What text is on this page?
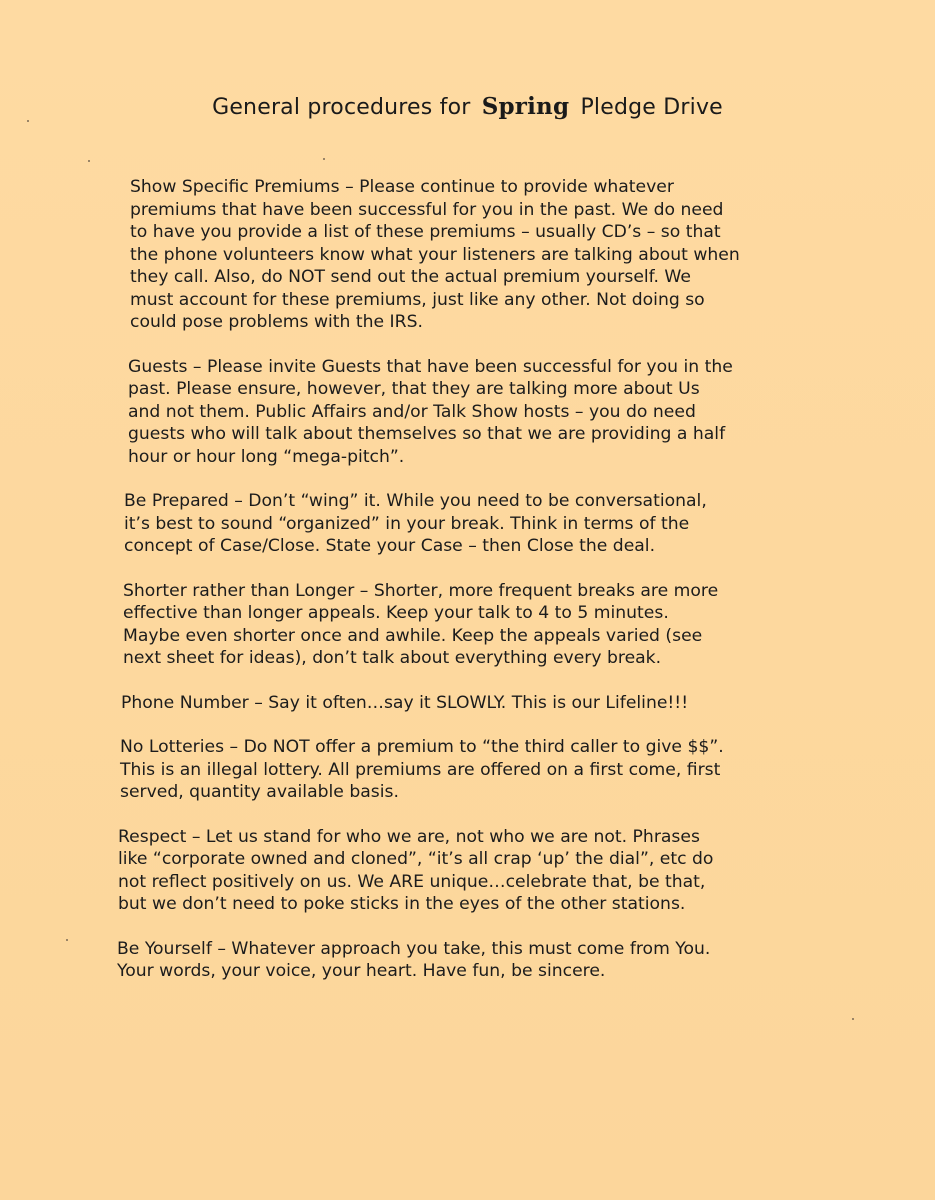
General procedures for Spring Pledge Drive
Show Specific Premiums – Please continue to provide whatever
premiums that have been successful for you in the past. We do need
to have you provide a list of these premiums – usually CD’s – so that
the phone volunteers know what your listeners are talking about when
they call. Also, do NOT send out the actual premium yourself. We
must account for these premiums, just like any other. Not doing so
could pose problems with the IRS.
Guests – Please invite Guests that have been successful for you in the
past. Please ensure, however, that they are talking more about Us
and not them. Public Affairs and/or Talk Show hosts – you do need
guests who will talk about themselves so that we are providing a half
hour or hour long “mega-pitch”.
Be Prepared – Don’t “wing” it. While you need to be conversational,
it’s best to sound “organized” in your break. Think in terms of the
concept of Case/Close. State your Case – then Close the deal.
Shorter rather than Longer – Shorter, more frequent breaks are more
effective than longer appeals. Keep your talk to 4 to 5 minutes.
Maybe even shorter once and awhile. Keep the appeals varied (see
next sheet for ideas), don’t talk about everything every break.
Phone Number – Say it often…say it SLOWLY. This is our Lifeline!!!
No Lotteries – Do NOT offer a premium to “the third caller to give $$”.
This is an illegal lottery. All premiums are offered on a first come, first
served, quantity available basis.
Respect – Let us stand for who we are, not who we are not. Phrases
like “corporate owned and cloned”, “it’s all crap ‘up’ the dial”, etc do
not reflect positively on us. We ARE unique…celebrate that, be that,
but we don’t need to poke sticks in the eyes of the other stations.
Be Yourself – Whatever approach you take, this must come from You.
Your words, your voice, your heart. Have fun, be sincere.
